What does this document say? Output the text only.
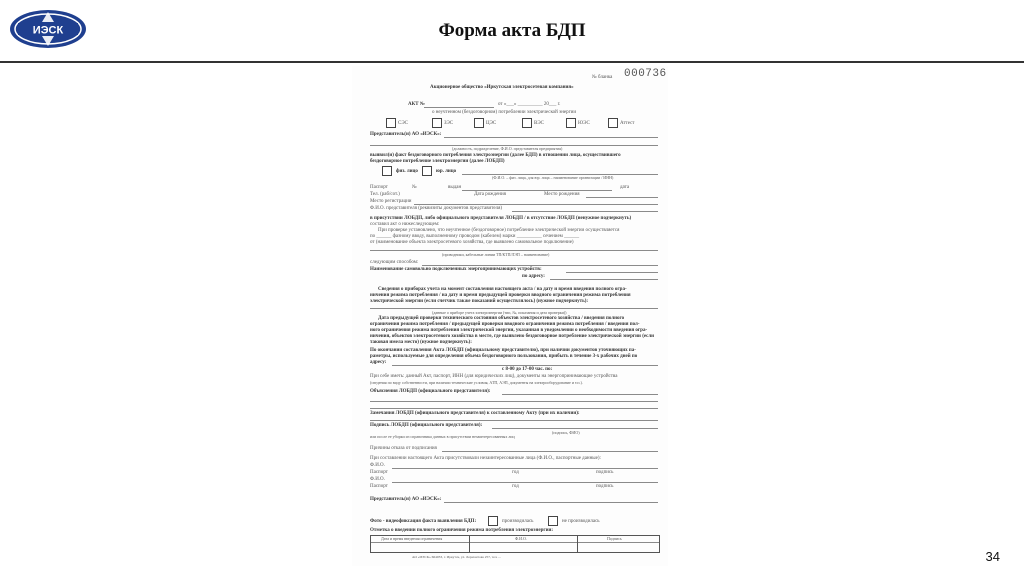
ИЭСК	Форма акта БДП
№ бланка 000736
Акционерное общество «Иркутская электросетевая компания»
АКТ №	от «___» __________ 20___ г.
о неучтенном (бездоговорном) потреблении электрической энергии
СЭС	ЗЭС	ЦЭС	ВЭС	ЮЭС	Аттест
Представитель(и) АО «ИЭСК»:
(должность, подразделение, Ф.И.О. представителя предприятия)
выявил(и) факт бездоговорного потребления электроэнергии (далее БДП) в отношении лица, осуществившего
бездоговорное потребление электроэнергии (далее ЛОБДП)
физ. лицо	юр. лицо
(Ф.И.О. – физ. лица, для юр. лица – наименование организации / ИНН)
Паспорт	№	выдан	дата
Тел. (раб/сот.)	Дата рождения	Место рождения
Место регистрации
Ф.И.О. представителя (реквизиты документов представителя)
в присутствии ЛОБДП, либо официального представителя ЛОБДП / в отсутствие ЛОБДП (ненужное подчеркнуть)
составил акт о нижеследующем:
При проверке установлено, что неучтенное (бездоговорное) потребление электрической энергии осуществляется
по ______ фазному вводу, выполненному проводом (кабелем) марки __________ сечением ______
от (наименование объекта электросетевого хозяйства, где выявлено самовольное подключение)
(проводники, кабельные линии ТП/КТП/ЛЭП – наименование)
следующим способом:
Наименование самовольно подключенных энергопринимающих устройств:
по адресу:
Сведения о приборах учета на момент составления настоящего акта / на дату и время введения полного огра-
ничения режима потребления / на дату и время предыдущей проверки вводного ограничения режима потребления
электрической энергии (если счетчик также показаний осуществлялось) (нужное подчеркнуть):
(данные о приборе учета электроэнергии (тип, №, показания и дата проверки))
Дата предыдущей проверки технического состояния объектов электросетевого хозяйства / введения полного
ограничения режима потребления / предыдущей проверки вводного ограничения режима потребления / введения пол-
ного ограничения режима потребления электрической энергии, указанная в уведомлении о необходимости введения огра-
ничения, объектов электросетевого хозяйства в месте, где выявлено бездоговорное потребление электрической энергии (если
таковая имела место) (нужное подчеркнуть):
По окончании составления Акта ЛОБДП (официальному представителю), при наличии документов уточняющих па-
раметры, используемые для определения объема бездоговорного пользования, прибыть в течение 3-х рабочих дней по
адресу:
с 8-00 до 17-00 час. по:
При себе иметь: данный Акт, паспорт, ИНН (для юридических лиц), документы на энергопринимающие устройства
(сведения по виду собственности, при наличии технические условия, АТП, АЭП, документы на электрооборудование и т.п.).
Объяснения ЛОБДП (официального представителя):
Замечания ЛОБДП (официального представителя) к составленному Акту (при их наличии):
Подпись ЛОБДП (официального представителя):
(подпись, ФИО)
или после ее уборки из справочника данных в присутствии незаинтересованных лиц
Причины отказа от подписания
При составлении настоящего Акта присутствовали незаинтересованные лица (Ф.И.О., паспортные данные):
Ф.И.О.
Паспорт	год	подпись
Ф.И.О.
Паспорт	год	подпись
Представитель(и) АО «ИЭСК»:
Фото - видеофиксация факта выявления БДП:	производилась	не производилась
Отметка о введении полного ограничения режима потребления электроэнергии:
Дата и время введения ограничения	Ф.И.О.	Подпись
АО «ИЭСК» 664033, г. Иркутск, ул. Лермонтова 257, тел. ...	34
